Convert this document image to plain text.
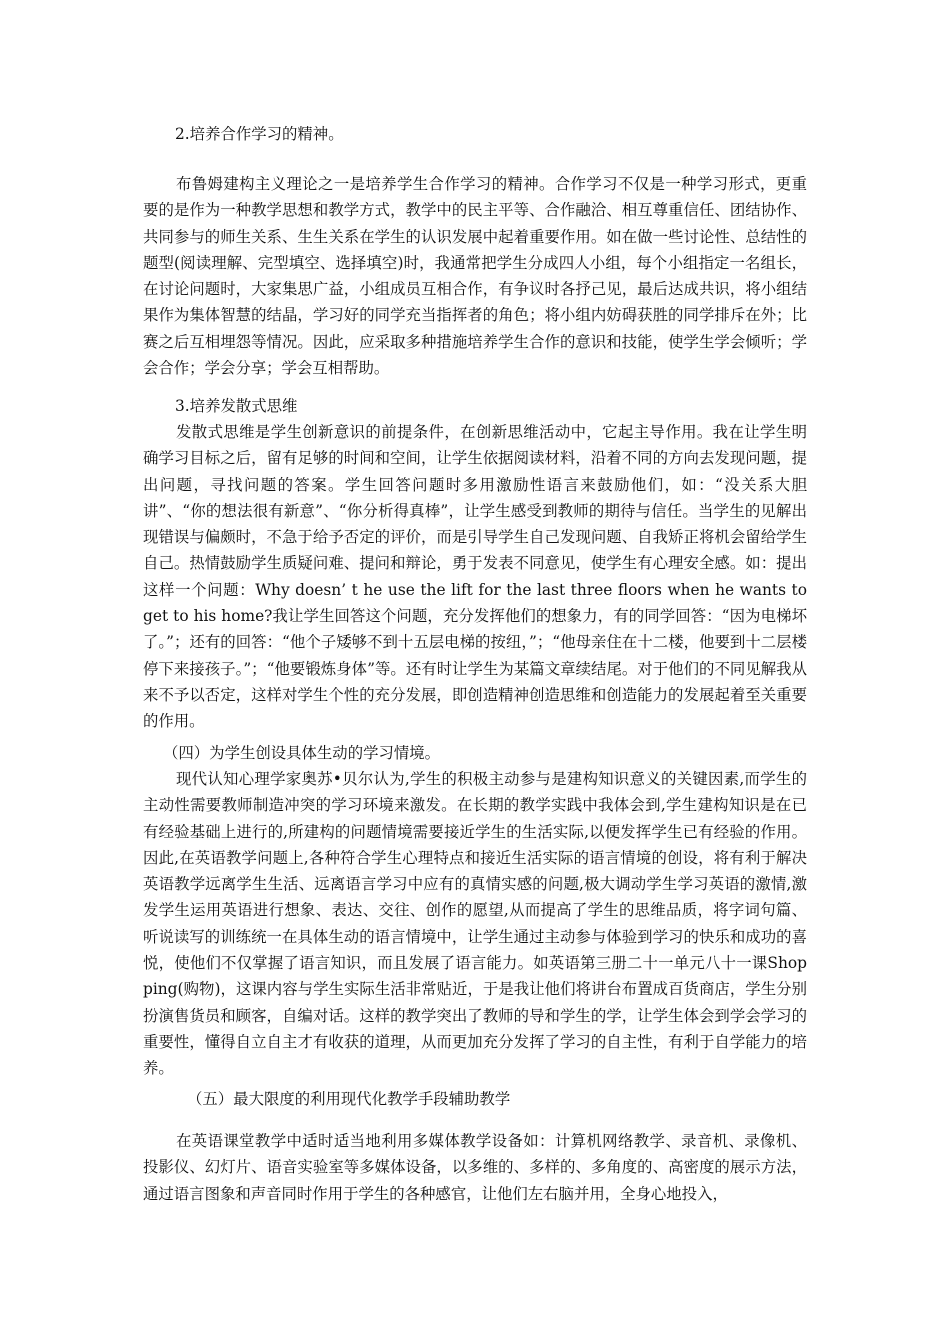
2.培养合作学习的精神。

布鲁姆建构主义理论之一是培养学生合作学习的精神。合作学习不仅是一种学习形式，更重要的是作为一种教学思想和教学方式，教学中的民主平等、合作融洽、相互尊重信任、团结协作、共同参与的师生关系、生生关系在学生的认识发展中起着重要作用。如在做一些讨论性、总结性的题型(阅读理解、完型填空、选择填空)时，我通常把学生分成四人小组，每个小组指定一名组长，在讨论问题时，大家集思广益，小组成员互相合作，有争议时各抒己见，最后达成共识，将小组结果作为集体智慧的结晶，学习好的同学充当指挥者的角色；将小组内妨碍获胜的同学排斥在外；比赛之后互相埋怨等情况。因此，应采取多种措施培养学生合作的意识和技能，使学生学会倾听；学会合作；学会分享；学会互相帮助。

3.培养发散式思维

发散式思维是学生创新意识的前提条件，在创新思维活动中，它起主导作用。我在让学生明确学习目标之后，留有足够的时间和空间，让学生依据阅读材料，沿着不同的方向去发现问题，提出问题，寻找问题的答案。学生回答问题时多用激励性语言来鼓励他们，如：“没关系大胆讲”、“你的想法很有新意”、“你分析得真棒”，让学生感受到教师的期待与信任。当学生的见解出现错误与偏颇时，不急于给予否定的评价，而是引导学生自己发现问题、自我矫正将机会留给学生自己。热情鼓励学生质疑问难、提问和辩论，勇于发表不同意见，使学生有心理安全感。如：提出这样一个问题：Why doesn’ t he use the lift for the last three floors when he wants to get to his home?我让学生回答这个问题，充分发挥他们的想象力，有的同学回答：“因为电梯坏了。”；还有的回答：“他个子矮够不到十五层电梯的按纽，”；“他母亲住在十二楼，他要到十二层楼停下来接孩子。”；“他要锻炼身体”等。还有时让学生为某篇文章续结尾。对于他们的不同见解我从来不予以否定，这样对学生个性的充分发展，即创造精神创造思维和创造能力的发展起着至关重要的作用。

（四）为学生创设具体生动的学习情境。

现代认知心理学家奥苏•贝尔认为,学生的积极主动参与是建构知识意义的关键因素,而学生的主动性需要教师制造冲突的学习环境来激发。在长期的教学实践中我体会到,学生建构知识是在已有经验基础上进行的,所建构的问题情境需要接近学生的生活实际,以便发挥学生已有经验的作用。因此,在英语教学问题上,各种符合学生心理特点和接近生活实际的语言情境的创设，将有利于解决英语教学远离学生生活、远离语言学习中应有的真情实感的问题,极大调动学生学习英语的激情,激发学生运用英语进行想象、表达、交往、创作的愿望,从而提高了学生的思维品质，将字词句篇、听说读写的训练统一在具体生动的语言情境中，让学生通过主动参与体验到学习的快乐和成功的喜悦，使他们不仅掌握了语言知识，而且发展了语言能力。如英语第三册二十一单元八十一课Shopping(购物)，这课内容与学生实际生活非常贴近，于是我让他们将讲台布置成百货商店，学生分别扮演售货员和顾客，自编对话。这样的教学突出了教师的导和学生的学，让学生体会到学会学习的重要性，懂得自立自主才有收获的道理，从而更加充分发挥了学习的自主性，有利于自学能力的培养。

（五）最大限度的利用现代化教学手段辅助教学

在英语课堂教学中适时适当地利用多媒体教学设备如：计算机网络教学、录音机、录像机、投影仪、幻灯片、语音实验室等多媒体设备，以多维的、多样的、多角度的、高密度的展示方法，通过语言图象和声音同时作用于学生的各种感官，让他们左右脑并用，全身心地投入，
